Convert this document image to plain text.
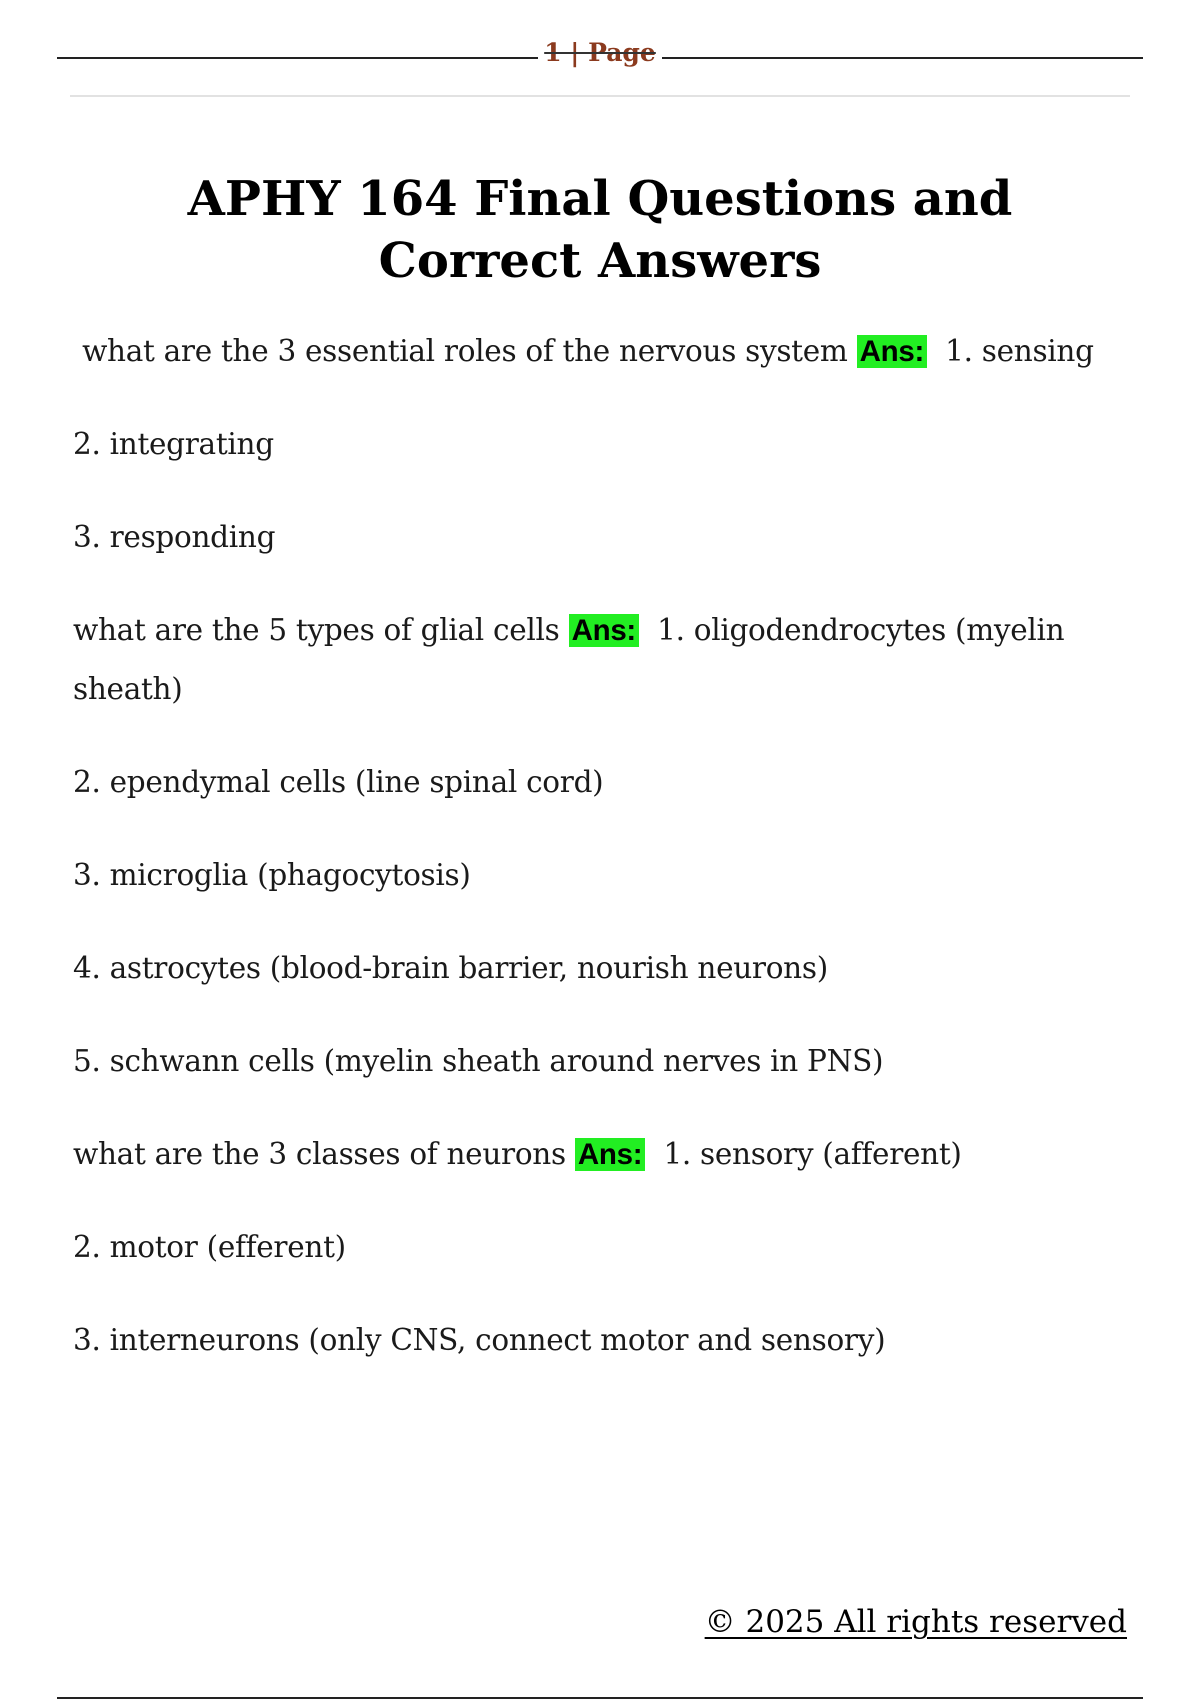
1 | Page
APHY 164 Final Questions and Correct Answers

what are the 3 essential roles of the nervous system Ans: 1. sensing

2. integrating

3. responding

what are the 5 types of glial cells Ans: 1. oligodendrocytes (myelin sheath)

2. ependymal cells (line spinal cord)

3. microglia (phagocytosis)

4. astrocytes (blood-brain barrier, nourish neurons)

5. schwann cells (myelin sheath around nerves in PNS)

what are the 3 classes of neurons Ans: 1. sensory (afferent)

2. motor (efferent)

3. interneurons (only CNS, connect motor and sensory)

© 2025 All rights reserved
